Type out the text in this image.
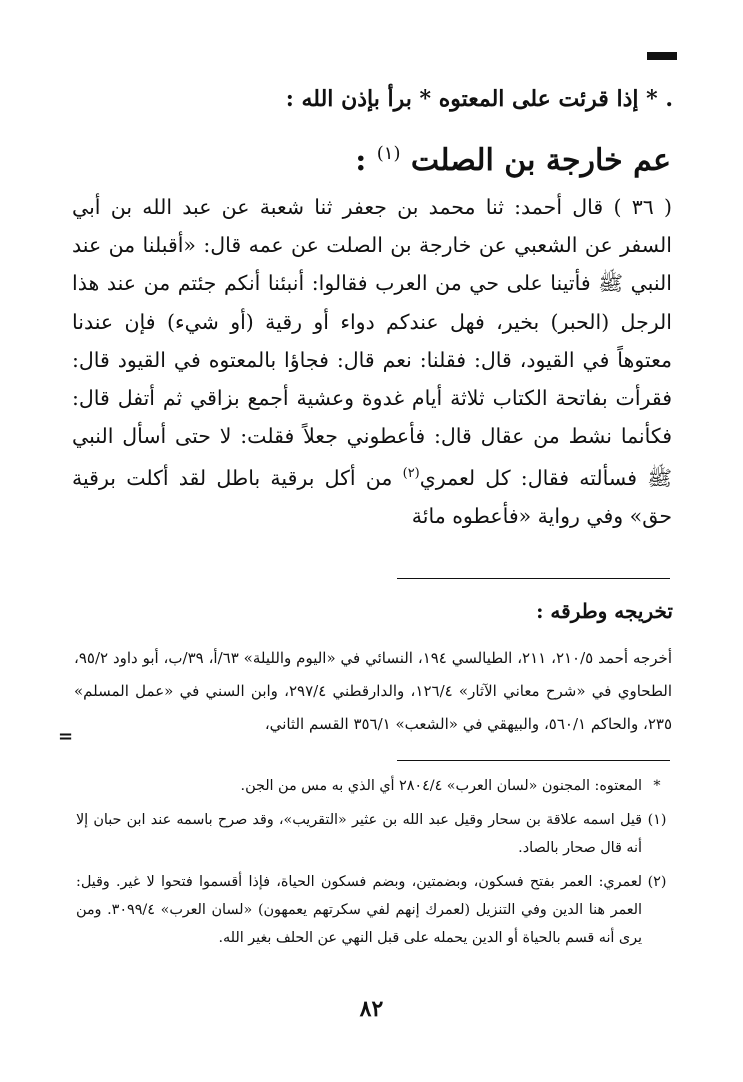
. * إذا قرئت على المعتوه * برأ بإذن الله :
عم خارجة بن الصلت $^{(١)}$ :
( ٣٦ ) قال أحمد: ثنا محمد بن جعفر ثنا شعبة عن عبد الله بن أبي السفر عن الشعبي عن خارجة بن الصلت عن عمه قال: «أقبلنا من عند النبي ﷺ فأتينا على حي من العرب فقالوا: أنبئنا أنكم جئتم من عند هذا الرجل (الحبر) بخير، فهل عندكم دواء أو رقية (أو شيء) فإن عندنا معتوهاً في القيود، قال: فقلنا: نعم قال: فجاؤا بالمعتوه في القيود قال: فقرأت بفاتحة الكتاب ثلاثة أيام غدوة وعشية أجمع بزاقي ثم أتفل قال: فكأنما نشط من عقال قال: فأعطوني جعلاً فقلت: لا حتى أسأل النبي ﷺ فسألته فقال: كل لعمري$^{(٢)}$ من أكل برقية باطل لقد أكلت برقية حق» وفي رواية «فأعطوه مائة
تخريجه وطرقه :
أخرجه أحمد ٢١٠/٥، ٢١١، الطيالسي ١٩٤، النسائي في «اليوم والليلة» ٦٣/أ، ٣٩/ب، أبو داود ٩٥/٢، الطحاوي في «شرح معاني الآثار» ١٢٦/٤، والدارقطني ٢٩٧/٤، وابن السني في «عمل المسلم» ٢٣٥، والحاكم ٥٦٠/١، والبيهقي في «الشعب» ٣٥٦/١ القسم الثاني،
=
*
المعتوه: المجنون «لسان العرب» ٢٨٠٤/٤ أي الذي به مس من الجن.
(١)
قيل اسمه علاقة بن سحار وقيل عبد الله بن عثير «التقريب»، وقد صرح باسمه عند ابن حبان إلا أنه قال صحار بالصاد.
(٢)
لعمري: العمر بفتح فسكون، وبضمتين، وبضم فسكون الحياة، فإذا أقسموا فتحوا لا غير. وقيل: العمر هنا الدين وفي التنزيل (لعمرك إنهم لفي سكرتهم يعمهون) «لسان العرب» ٣٠٩٩/٤. ومن يرى أنه قسم بالحياة أو الدين يحمله على قبل النهي عن الحلف بغير الله.
٨٢
